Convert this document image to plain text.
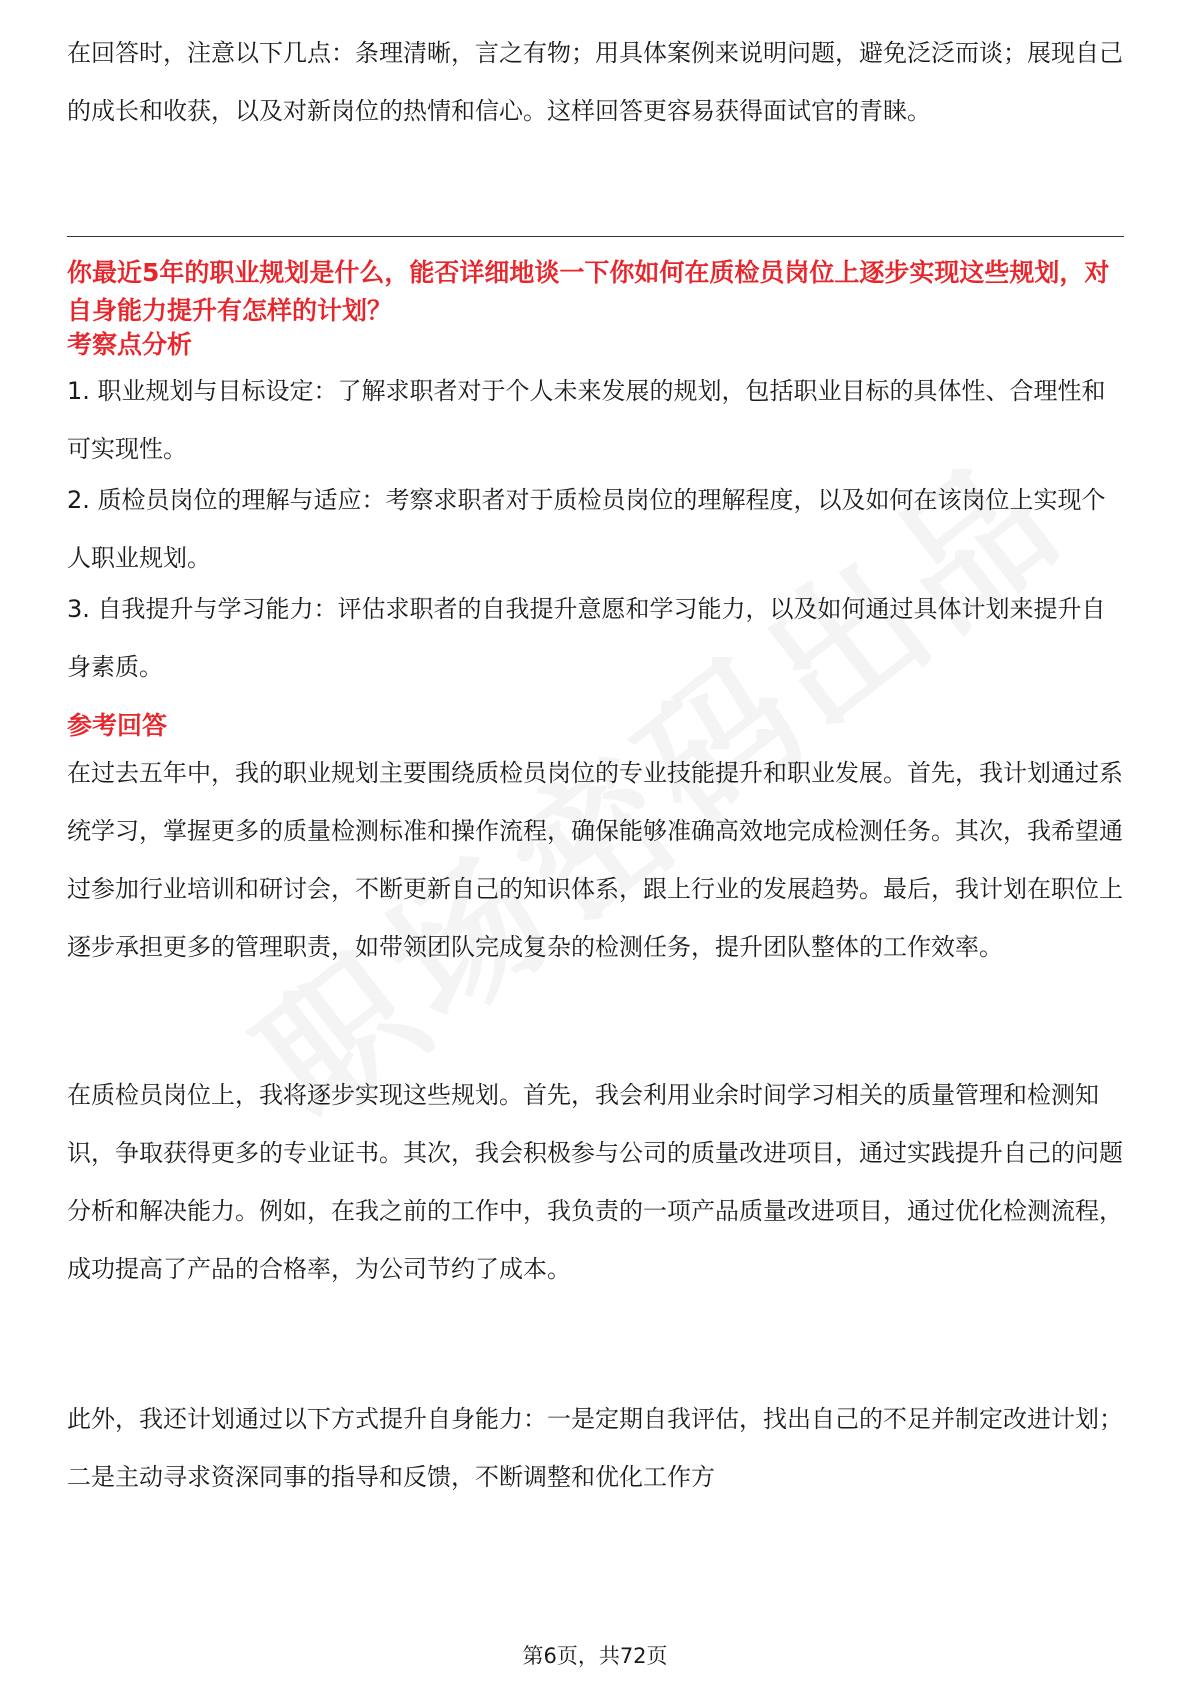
在回答时，注意以下几点：条理清晰，言之有物；用具体案例来说明问题，避免泛泛而谈；展现自己的成长和收获，以及对新岗位的热情和信心。这样回答更容易获得面试官的青睐。

你最近5年的职业规划是什么，能否详细地谈一下你如何在质检员岗位上逐步实现这些规划，对自身能力提升有怎样的计划？

考察点分析

1. 职业规划与目标设定：了解求职者对于个人未来发展的规划，包括职业目标的具体性、合理性和可实现性。

2. 质检员岗位的理解与适应：考察求职者对于质检员岗位的理解程度，以及如何在该岗位上实现个人职业规划。

3. 自我提升与学习能力：评估求职者的自我提升意愿和学习能力，以及如何通过具体计划来提升自身素质。

参考回答

在过去五年中，我的职业规划主要围绕质检员岗位的专业技能提升和职业发展。首先，我计划通过系统学习，掌握更多的质量检测标准和操作流程，确保能够准确高效地完成检测任务。其次，我希望通过参加行业培训和研讨会，不断更新自己的知识体系，跟上行业的发展趋势。最后，我计划在职位上逐步承担更多的管理职责，如带领团队完成复杂的检测任务，提升团队整体的工作效率。

在质检员岗位上，我将逐步实现这些规划。首先，我会利用业余时间学习相关的质量管理和检测知识，争取获得更多的专业证书。其次，我会积极参与公司的质量改进项目，通过实践提升自己的问题分析和解决能力。例如，在我之前的工作中，我负责的一项产品质量改进项目，通过优化检测流程，成功提高了产品的合格率，为公司节约了成本。

此外，我还计划通过以下方式提升自身能力：一是定期自我评估，找出自己的不足并制定改进计划；二是主动寻求资深同事的指导和反馈，不断调整和优化工作方

第6页，共72页
